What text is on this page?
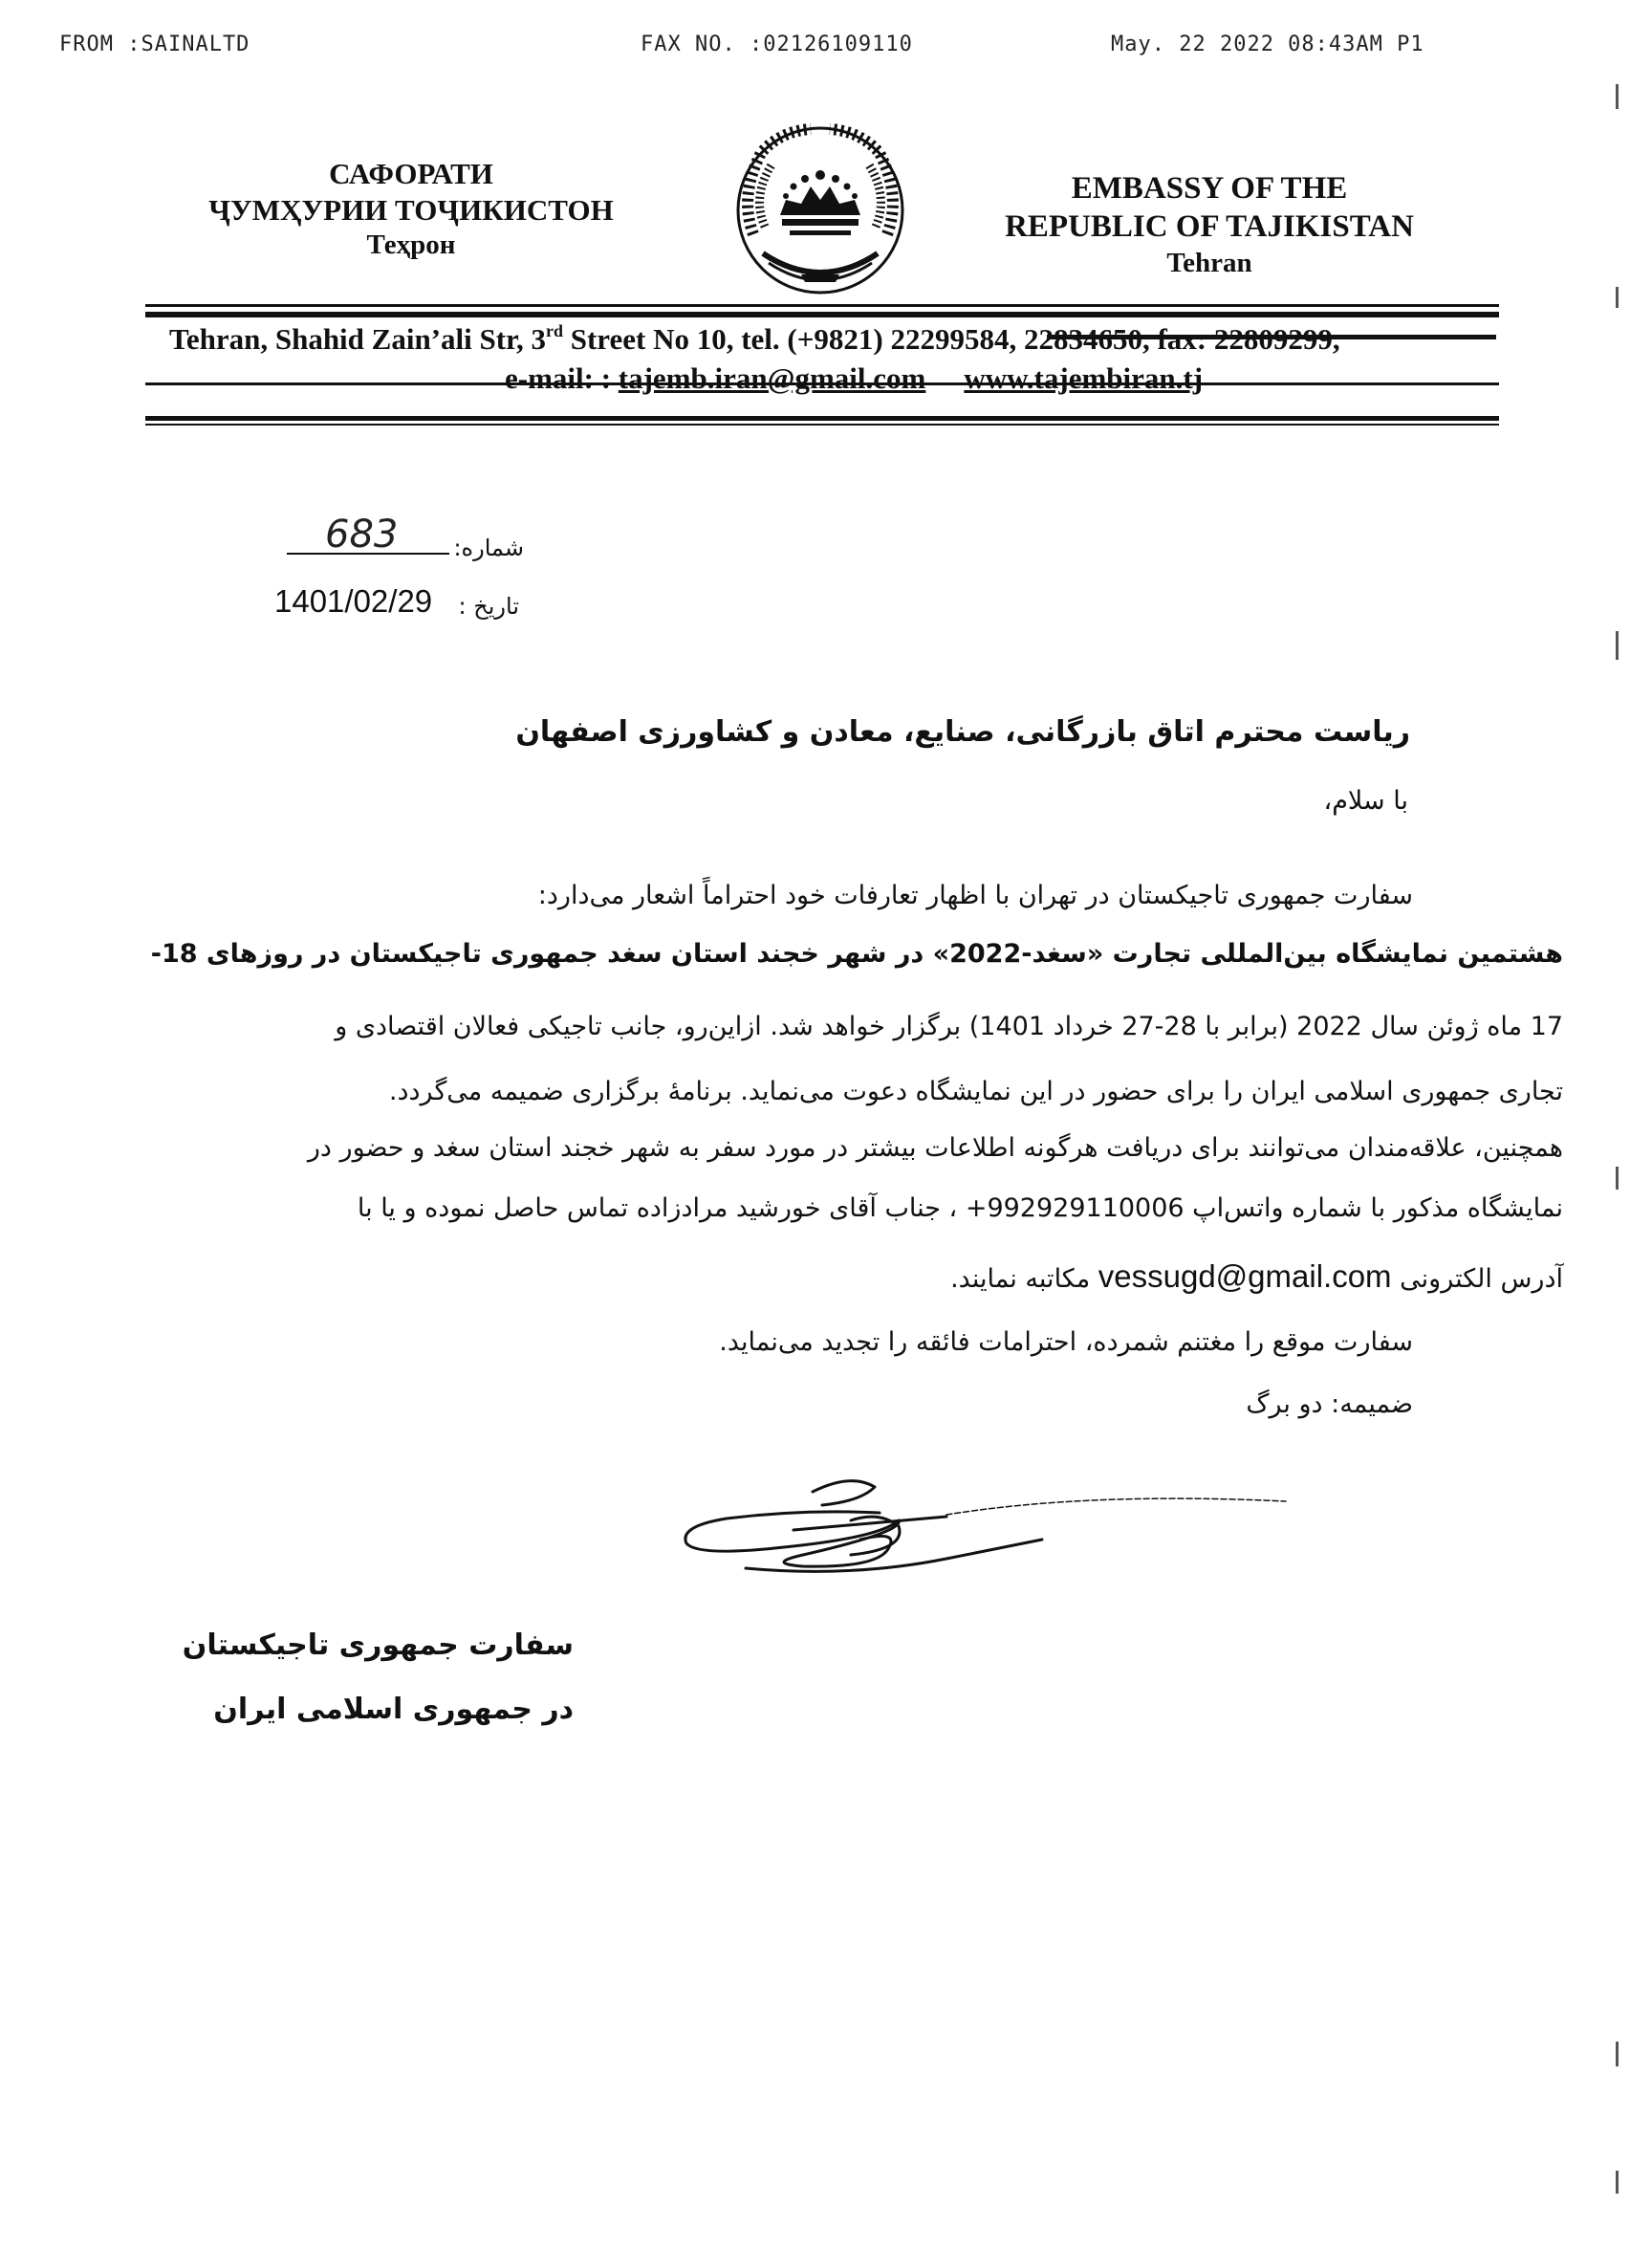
FROM :SAINALTD	FAX NO. :02126109110	May. 22 2022 08:43AM P1
САФОРАТИ
ҶУМҲУРИИ ТОҶИКИСТОН
Теҳрон
EMBASSY OF THE
REPUBLIC OF TAJIKISTAN
Tehran
Tehran, Shahid Zain’ali Str, 3rd Street No 10, tel. (+9821) 22299584, 22834650, fax: 22809299,
e-mail: : tajemb.iran@gmail.com www.tajembiran.tj
شماره:
683
1401/02/29 تاریخ :
ریاست محترم اتاق بازرگانی، صنایع، معادن و کشاورزی اصفهان
با سلام،
سفارت جمهوری تاجیکستان در تهران با اظهار تعارفات خود احتراماً اشعار می‌دارد:
هشتمین نمایشگاه بین‌المللی تجارت «سغد-2022» در شهر خجند استان سغد جمهوری تاجیکستان در روزهای 18-
17 ماه ژوئن سال 2022 (برابر با 28-27 خرداد 1401) برگزار خواهد شد. ازاین‌رو، جانب تاجیکی فعالان اقتصادی و
تجاری جمهوری اسلامی ایران را برای حضور در این نمایشگاه دعوت می‌نماید. برنامهٔ برگزاری ضمیمه می‌گردد.
همچنین، علاقه‌مندان می‌توانند برای دریافت هرگونه اطلاعات بیشتر در مورد سفر به شهر خجند استان سغد و حضور در
نمایشگاه مذکور با شماره واتس‌اپ 992929110006+ ، جناب آقای خورشید مرادزاده تماس حاصل نموده و یا با
آدرس الکترونی vessugd@gmail.com مکاتبه نمایند.
سفارت موقع را مغتنم شمرده، احترامات فائقه را تجدید می‌نماید.
ضمیمه: دو برگ
سفارت جمهوری تاجیکستان
در جمهوری اسلامی ایران
